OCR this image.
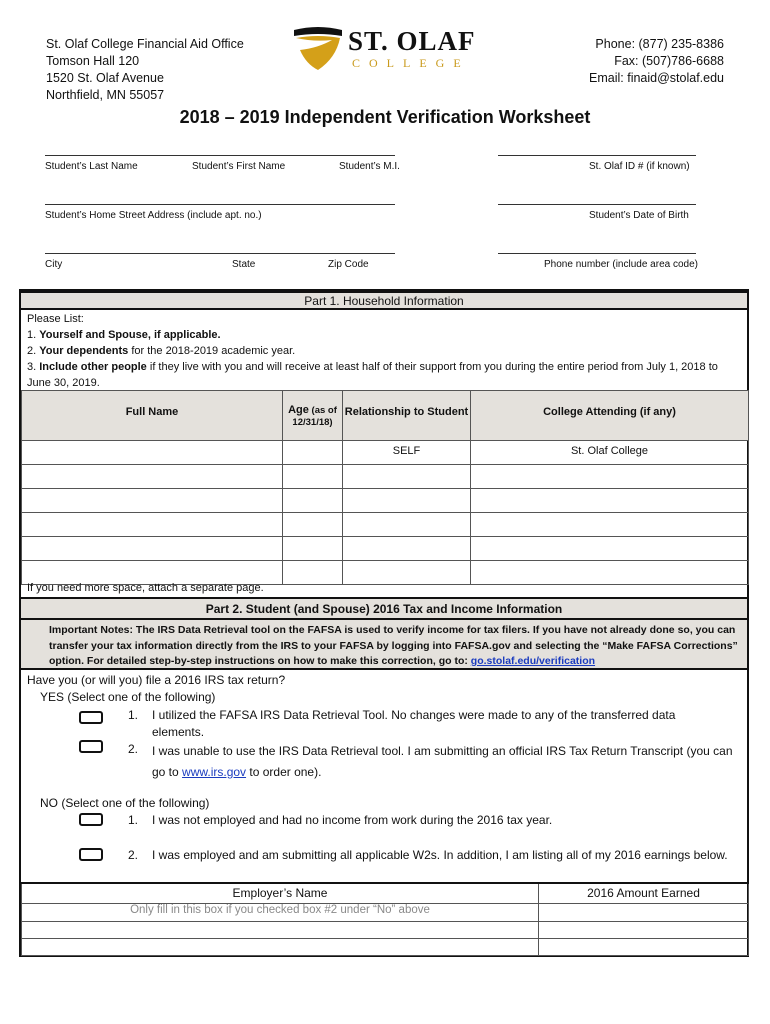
St. Olaf College Financial Aid Office
Tomson Hall 120
1520 St. Olaf Avenue
Northfield, MN 55057
ST. OLAF
COLLEGE
Phone: (877) 235-8386
Fax: (507)786-6688
Email: finaid@stolaf.edu
2018 – 2019 Independent Verification Worksheet
Student’s Last Name	Student’s First Name	Student’s M.I.	St. Olaf ID # (if known)
Student’s Home Street Address (include apt. no.)	Student’s Date of Birth
City	State	Zip Code	Phone number (include area code)
Part 1. Household Information
Please List:
1. Yourself and Spouse, if applicable.
2. Your dependents for the 2018-2019 academic year.
3. Include other people if they live with you and will receive at least half of their support from you during the entire period from July 1, 2018 to June 30, 2019.
Full Name	Age (as of 12/31/18)	Relationship to Student	College Attending (if any)
		SELF	St. Olaf College

If you need more space, attach a separate page.
Part 2. Student (and Spouse) 2016 Tax and Income Information
Important Notes: The IRS Data Retrieval tool on the FAFSA is used to verify income for tax filers. If you have not already done so, you can transfer your tax information directly from the IRS to your FAFSA by logging into FAFSA.gov and selecting the “Make FAFSA Corrections” option. For detailed step-by-step instructions on how to make this correction, go to: go.stolaf.edu/verification
Have you (or will you) file a 2016 IRS tax return?
YES (Select one of the following)
1. I utilized the FAFSA IRS Data Retrieval Tool. No changes were made to any of the transferred data elements.
2. I was unable to use the IRS Data Retrieval tool. I am submitting an official IRS Tax Return Transcript (you can go to www.irs.gov to order one).
NO (Select one of the following)
1. I was not employed and had no income from work during the 2016 tax year.
2. I was employed and am submitting all applicable W2s. In addition, I am listing all of my 2016 earnings below.
Employer’s Name	2016 Amount Earned
Only fill in this box if you checked box #2 under “No” above	
